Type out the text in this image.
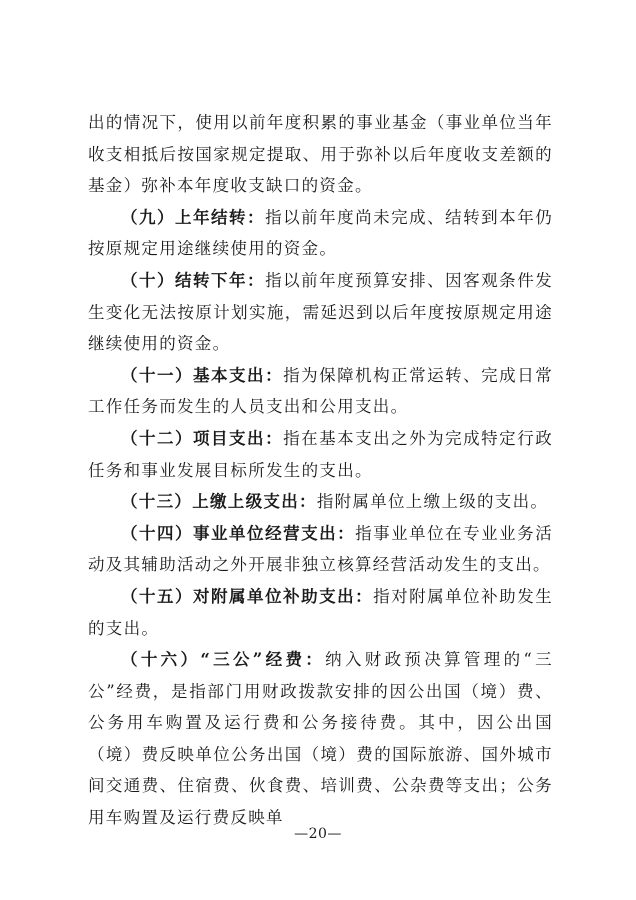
出的情况下，使用以前年度积累的事业基金（事业单位当年收支相抵后按国家规定提取、用于弥补以后年度收支差额的基金）弥补本年度收支缺口的资金。

（九）上年结转：指以前年度尚未完成、结转到本年仍按原规定用途继续使用的资金。

（十）结转下年：指以前年度预算安排、因客观条件发生变化无法按原计划实施，需延迟到以后年度按原规定用途继续使用的资金。

（十一）基本支出：指为保障机构正常运转、完成日常工作任务而发生的人员支出和公用支出。

（十二）项目支出：指在基本支出之外为完成特定行政任务和事业发展目标所发生的支出。

（十三）上缴上级支出：指附属单位上缴上级的支出。

（十四）事业单位经营支出：指事业单位在专业业务活动及其辅助活动之外开展非独立核算经营活动发生的支出。

（十五）对附属单位补助支出：指对附属单位补助发生的支出。

（十六）“三公”经费：纳入财政预决算管理的“三公”经费，是指部门用财政拨款安排的因公出国（境）费、公务用车购置及运行费和公务接待费。其中，因公出国（境）费反映单位公务出国（境）费的国际旅游、国外城市间交通费、住宿费、伙食费、培训费、公杂费等支出；公务用车购置及运行费反映单

—20—
